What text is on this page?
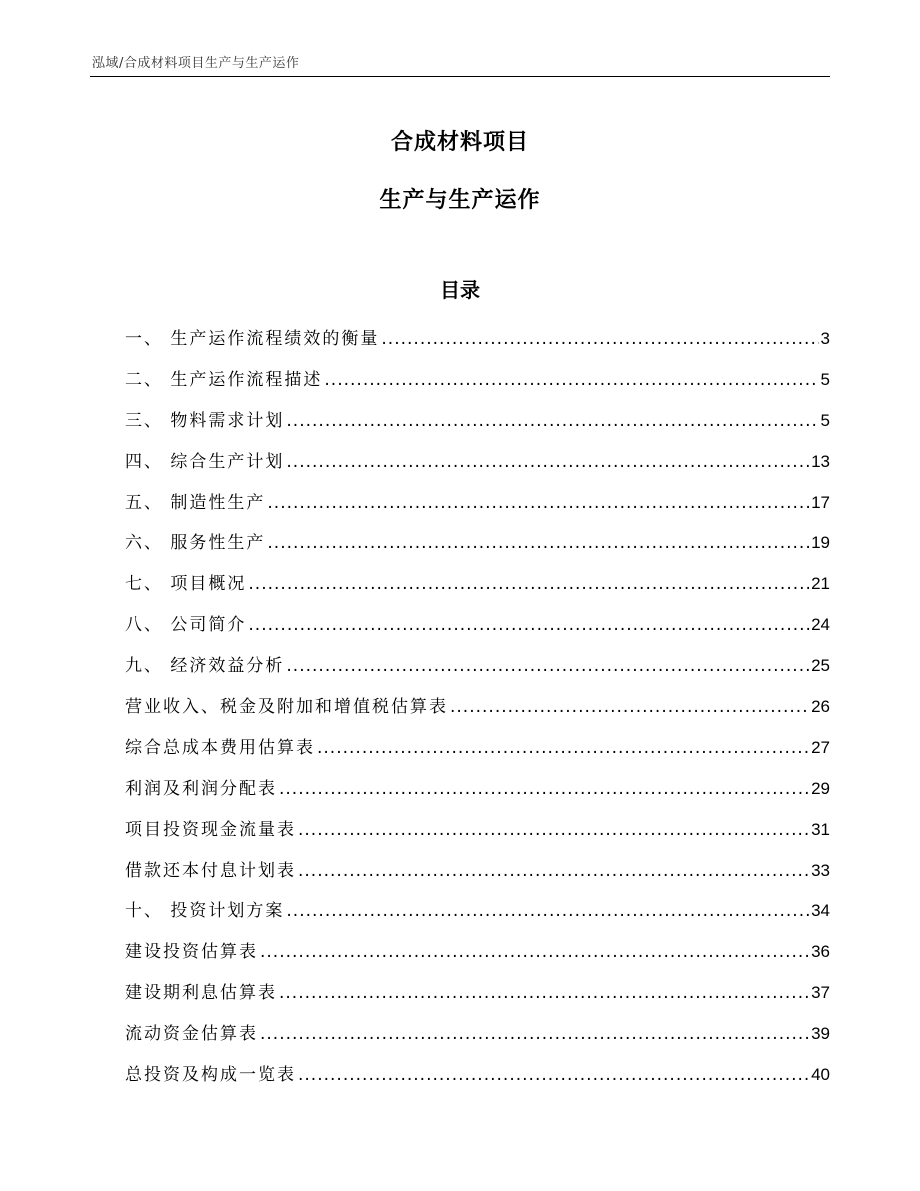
泓域/合成材料项目生产与生产运作
合成材料项目
生产与生产运作
目录
一、 生产运作流程绩效的衡量 .....	3
二、 生产运作流程描述 .....	5
三、 物料需求计划 .....	5
四、 综合生产计划 .....	13
五、 制造性生产 .....	17
六、 服务性生产 .....	19
七、 项目概况 .....	21
八、 公司简介 .....	24
九、 经济效益分析 .....	25
营业收入、税金及附加和增值税估算表 .....	26
综合总成本费用估算表 .....	27
利润及利润分配表 .....	29
项目投资现金流量表 .....	31
借款还本付息计划表 .....	33
十、 投资计划方案 .....	34
建设投资估算表 .....	36
建设期利息估算表 .....	37
流动资金估算表 .....	39
总投资及构成一览表 .....	40
